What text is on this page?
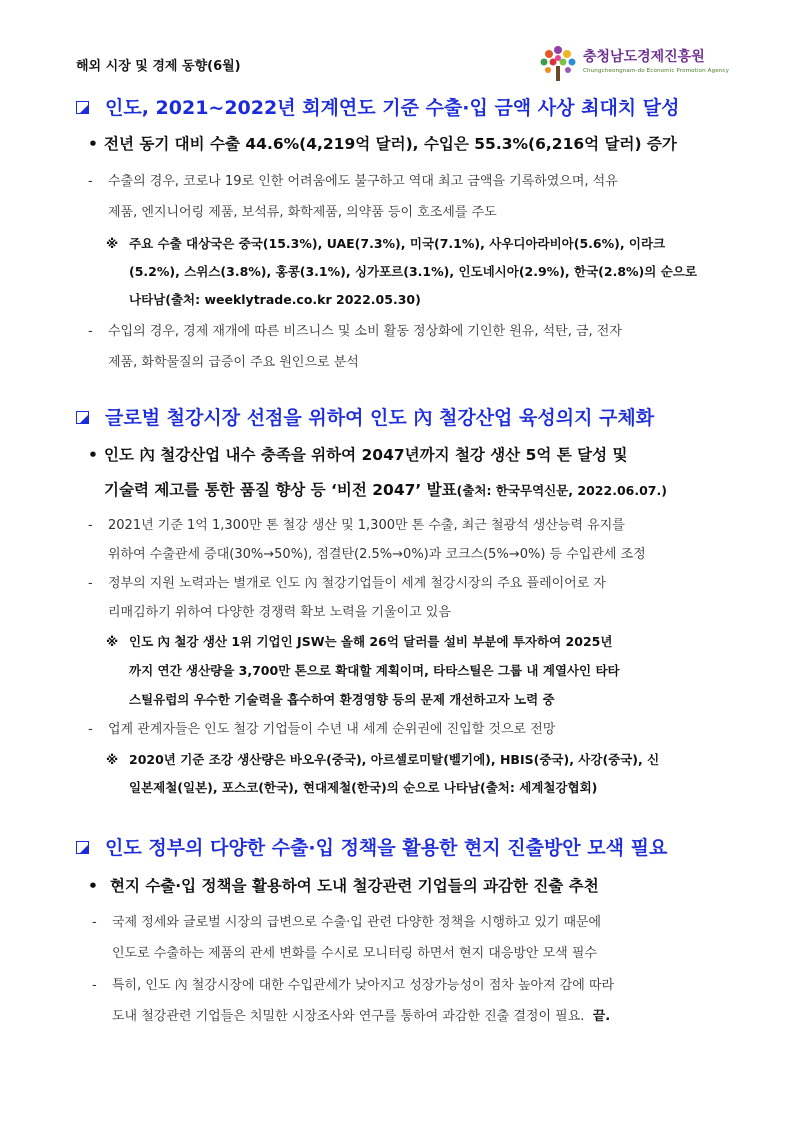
해외 시장 및 경제 동향(6월)
충청남도경제진흥원
Chungcheongnam-do Economic Promotion Agency
인도, 2021~2022년 회계연도 기준 수출·입 금액 사상 최대치 달성
• 전년 동기 대비 수출 44.6%(4,219억 달러), 수입은 55.3%(6,216억 달러) 증가
- 수출의 경우, 코로나 19로 인한 어려움에도 불구하고 역대 최고 금액을 기록하였으며, 석유
제품, 엔지니어링 제품, 보석류, 화학제품, 의약품 등이 호조세를 주도
※ 주요 수출 대상국은 중국(15.3%), UAE(7.3%), 미국(7.1%), 사우디아라비아(5.6%), 이라크
(5.2%), 스위스(3.8%), 홍콩(3.1%), 싱가포르(3.1%), 인도네시아(2.9%), 한국(2.8%)의 순으로
나타남(출처: weeklytrade.co.kr 2022.05.30)
- 수입의 경우, 경제 재개에 따른 비즈니스 및 소비 활동 정상화에 기인한 원유, 석탄, 금, 전자
제품, 화학물질의 급증이 주요 원인으로 분석
글로벌 철강시장 선점을 위하여 인도 內 철강산업 육성의지 구체화
• 인도 內 철강산업 내수 충족을 위하여 2047년까지 철강 생산 5억 톤 달성 및
기술력 제고를 통한 품질 향상 등 ‘비전 2047’ 발표(출처: 한국무역신문, 2022.06.07.)
- 2021년 기준 1억 1,300만 톤 철강 생산 및 1,300만 톤 수출, 최근 철광석 생산능력 유지를
위하여 수출관세 증대(30%→50%), 점결탄(2.5%→0%)과 코크스(5%→0%) 등 수입관세 조정
- 정부의 지원 노력과는 별개로 인도 內 철강기업들이 세계 철강시장의 주요 플레이어로 자
리매김하기 위하여 다양한 경쟁력 확보 노력을 기울이고 있음
※ 인도 內 철강 생산 1위 기업인 JSW는 올해 26억 달러를 설비 부분에 투자하여 2025년
까지 연간 생산량을 3,700만 톤으로 확대할 계획이며, 타타스틸은 그룹 내 계열사인 타타
스틸유럽의 우수한 기술력을 흡수하여 환경영향 등의 문제 개선하고자 노력 중
- 업계 관계자들은 인도 철강 기업들이 수년 내 세계 순위권에 진입할 것으로 전망
※ 2020년 기준 조강 생산량은 바오우(중국), 아르셀로미탈(벨기에), HBIS(중국), 사강(중국), 신
일본제철(일본), 포스코(한국), 현대제철(한국)의 순으로 나타남(출처: 세계철강협회)
인도 정부의 다양한 수출·입 정책을 활용한 현지 진출방안 모색 필요
• 현지 수출·입 정책을 활용하여 도내 철강관련 기업들의 과감한 진출 추천
- 국제 정세와 글로벌 시장의 급변으로 수출·입 관련 다양한 정책을 시행하고 있기 때문에
인도로 수출하는 제품의 관세 변화를 수시로 모니터링 하면서 현지 대응방안 모색 필수
- 특히, 인도 內 철강시장에 대한 수입관세가 낮아지고 성장가능성이 점차 높아져 감에 따라
도내 철강관련 기업들은 치밀한 시장조사와 연구를 통하여 과감한 진출 결정이 필요. 끝.
